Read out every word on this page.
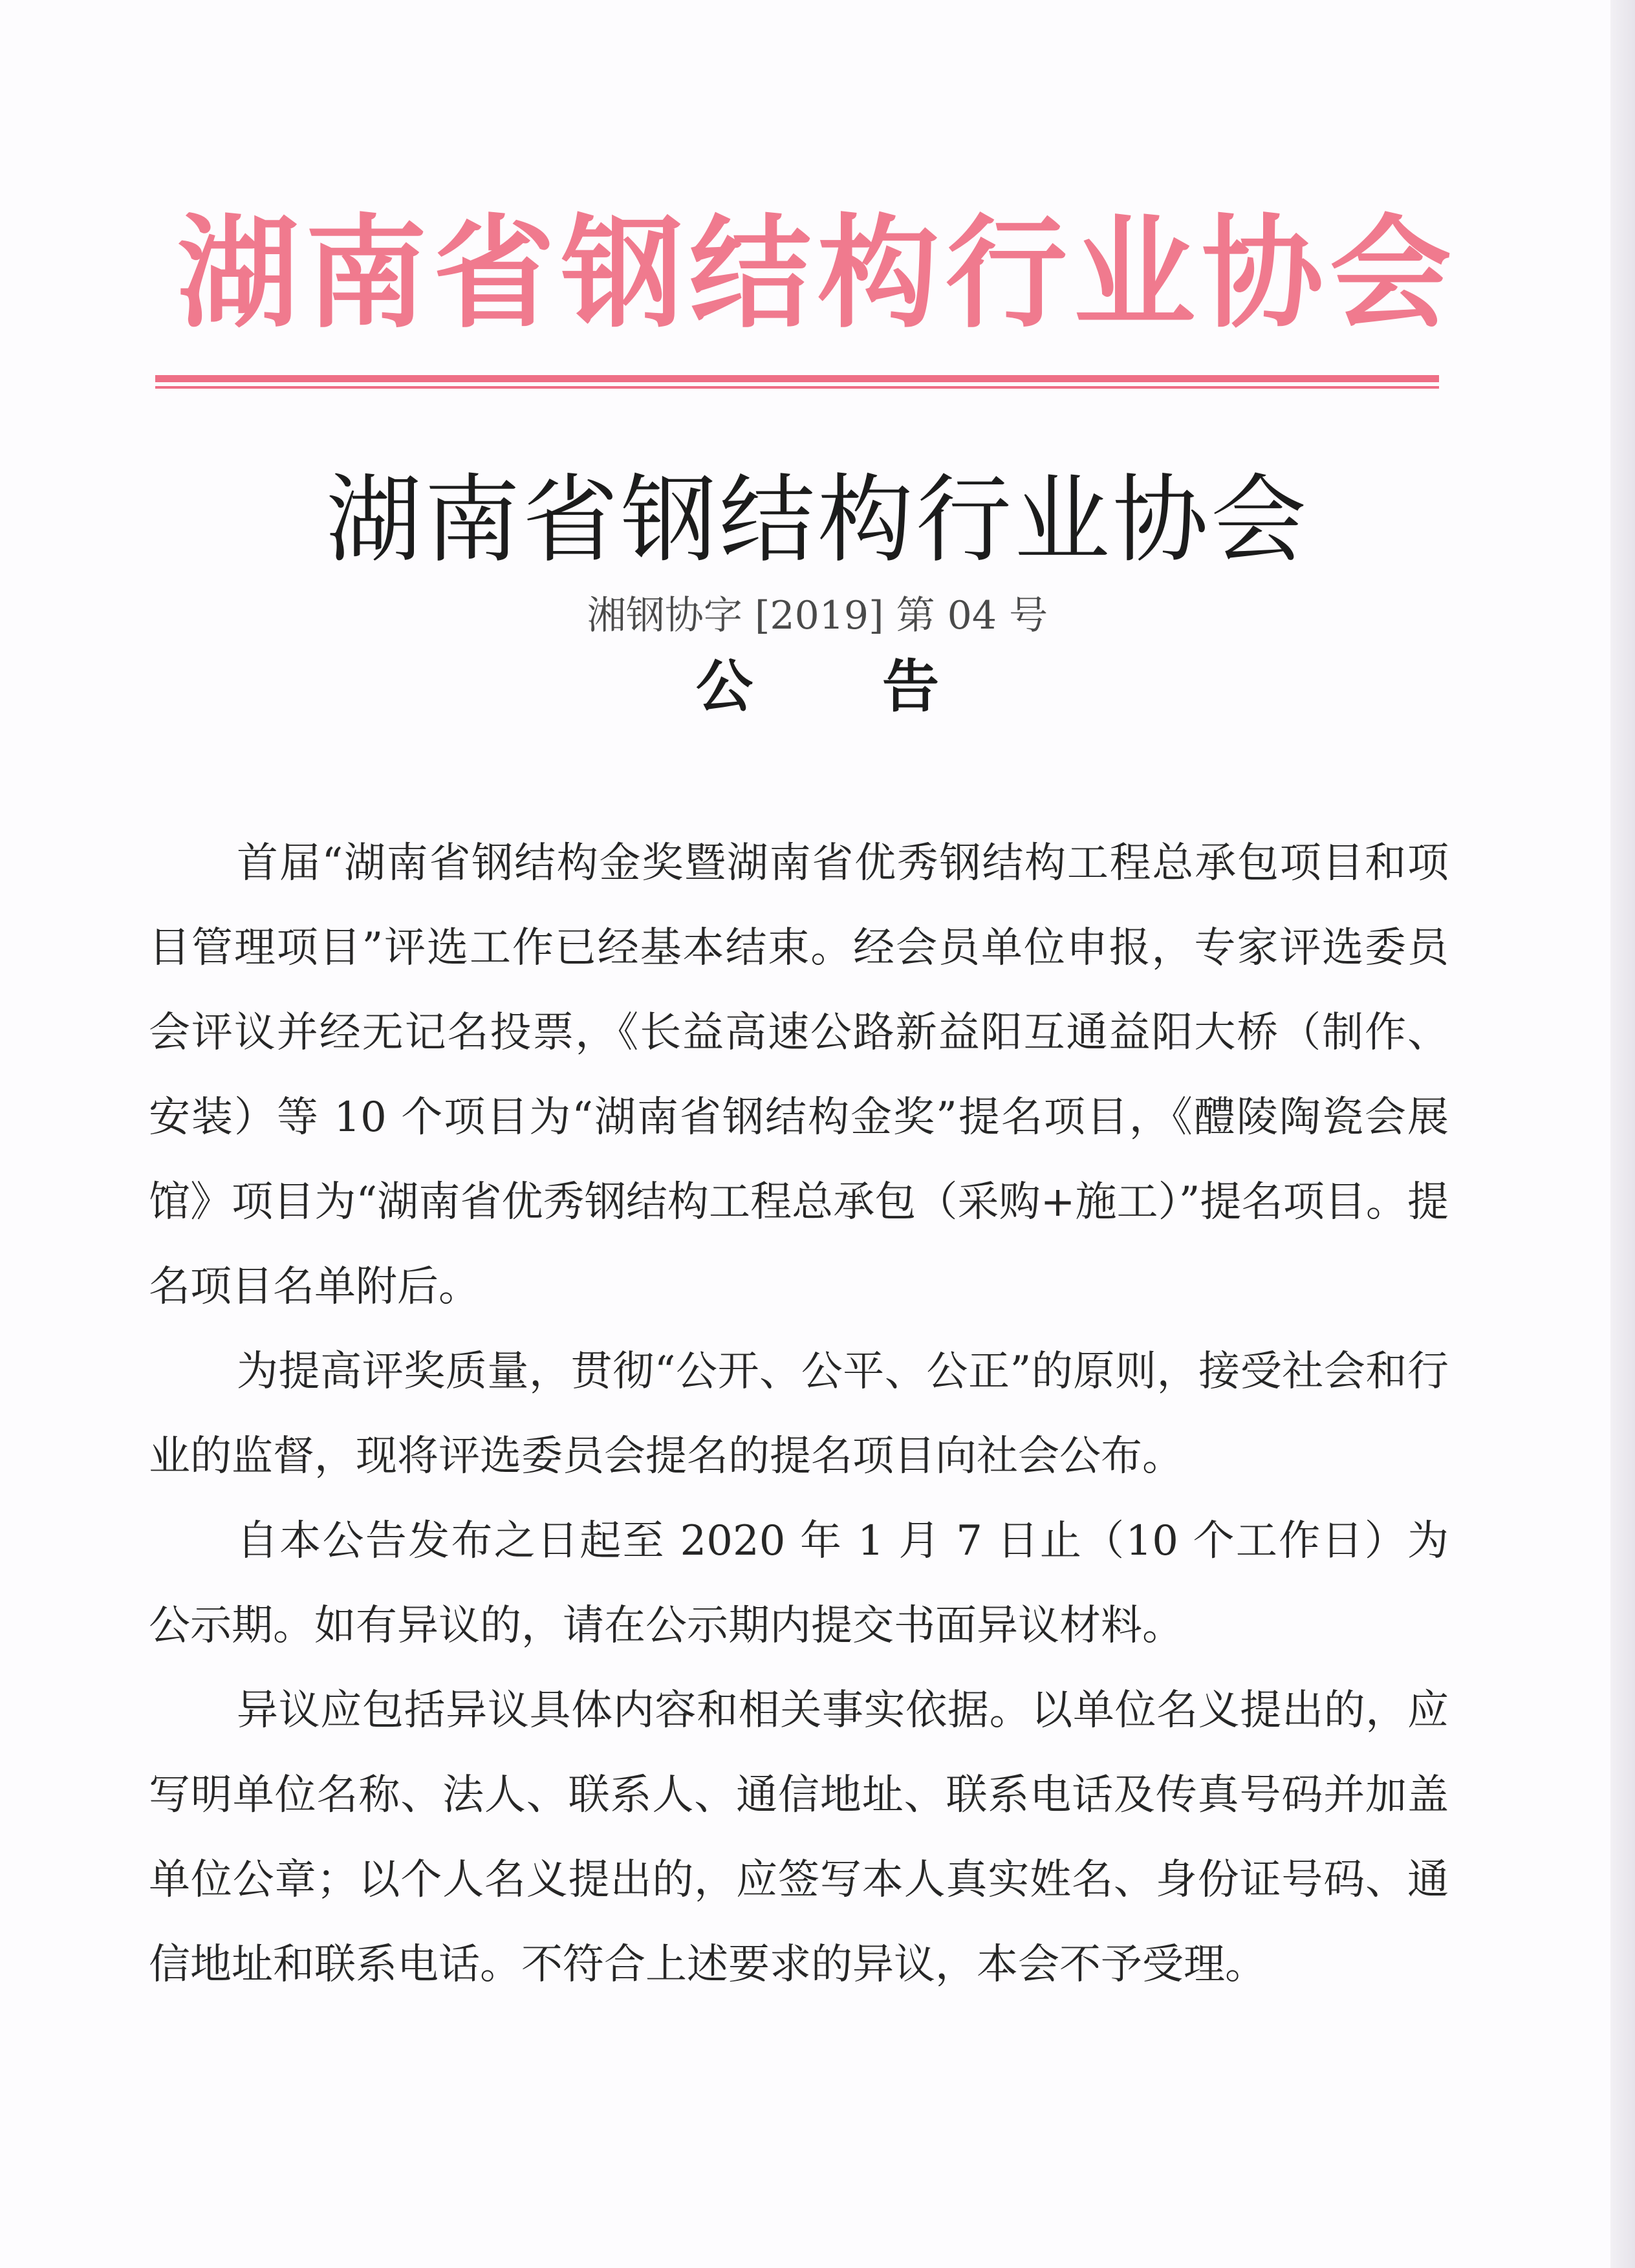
湖南省钢结构行业协会
湖南省钢结构行业协会
湘钢协字 [2019] 第 04 号
公告

首届“湖南省钢结构金奖暨湖南省优秀钢结构工程总承包项目和项目管理项目”评选工作已经基本结束。经会员单位申报，专家评选委员会评议并经无记名投票，《长益高速公路新益阳互通益阳大桥（制作、安装）等 10 个项目为“湖南省钢结构金奖”提名项目，《醴陵陶瓷会展馆》项目为“湖南省优秀钢结构工程总承包（采购+施工）”提名项目。提名项目名单附后。

为提高评奖质量，贯彻“公开、公平、公正”的原则，接受社会和行业的监督，现将评选委员会提名的提名项目向社会公布。

自本公告发布之日起至 2020 年 1 月 7 日止（10 个工作日）为公示期。如有异议的，请在公示期内提交书面异议材料。

异议应包括异议具体内容和相关事实依据。以单位名义提出的，应写明单位名称、法人、联系人、通信地址、联系电话及传真号码并加盖单位公章；以个人名义提出的，应签写本人真实姓名、身份证号码、通信地址和联系电话。不符合上述要求的异议，本会不予受理。
